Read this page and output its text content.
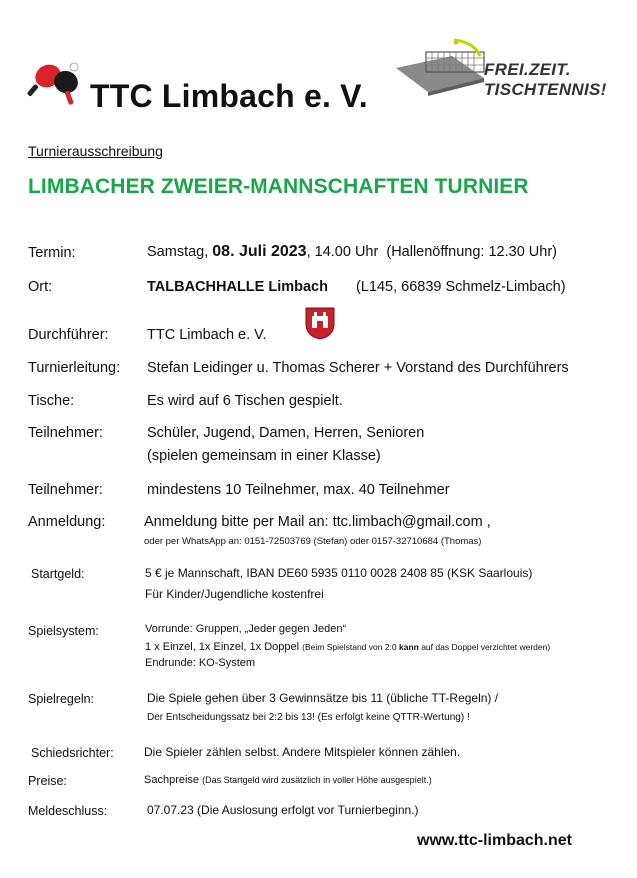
TTC Limbach e. V.
FREI.ZEIT.
TISCHTENNIS!
Turnierausschreibung
LIMBACHER ZWEIER-MANNSCHAFTEN TURNIER
Termin:	Samstag, 08. Juli 2023, 14.00 Uhr (Hallenöffnung: 12.30 Uhr)
Ort:	TALBACHHALLE Limbach (L145, 66839 Schmelz-Limbach)
Durchführer:	TTC Limbach e. V.
Turnierleitung: Stefan Leidinger u. Thomas Scherer + Vorstand des Durchführers
Tische:	Es wird auf 6 Tischen gespielt.
Teilnehmer:	Schüler, Jugend, Damen, Herren, Senioren
(spielen gemeinsam in einer Klasse)
Teilnehmer:	mindestens 10 Teilnehmer, max. 40 Teilnehmer
Anmeldung:	Anmeldung bitte per Mail an: ttc.limbach@gmail.com ,
oder per WhatsApp an: 0151-72503769 (Stefan) oder 0157-32710684 (Thomas)
Startgeld:	5 € je Mannschaft, IBAN DE60 5935 0110 0028 2408 85 (KSK Saarlouis)
Für Kinder/Jugendliche kostenfrei
Spielsystem:	Vorrunde: Gruppen, „Jeder gegen Jeden“
1 x Einzel, 1x Einzel, 1x Doppel (Beim Spielstand von 2:0 kann auf das Doppel verzichtet werden)
Endrunde: KO-System
Spielregeln:	Die Spiele gehen über 3 Gewinnsätze bis 11 (übliche TT-Regeln) /
Der Entscheidungssatz bei 2:2 bis 13! (Es erfolgt keine QTTR-Wertung) !
Schiedsrichter:	Die Spieler zählen selbst. Andere Mitspieler können zählen.
Preise:	Sachpreise (Das Startgeld wird zusätzlich in voller Höhe ausgespielt.)
Meldeschluss:	07.07.23 (Die Auslosung erfolgt vor Turnierbeginn.)
www.ttc-limbach.net
